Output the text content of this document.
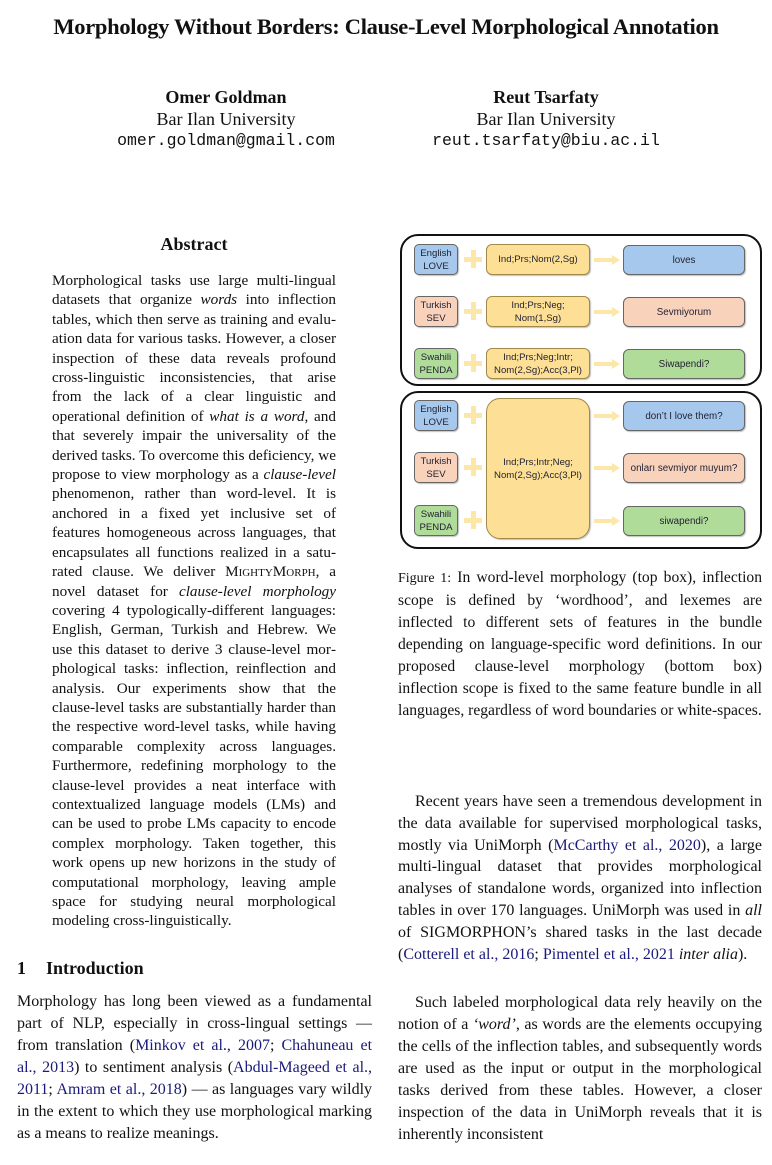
Morphology Without Borders: Clause-Level Morphological Annotation
Omer Goldman
Bar Ilan University
omer.goldman@gmail.com
Reut Tsarfaty
Bar Ilan University
reut.tsarfaty@biu.ac.il
Abstract
Morphological tasks use large multi-lingual datasets that organize words into inflection tables, which then serve as training and evaluation data for various tasks. However, a closer inspection of these data reveals profound cross-linguistic inconsistencies, that arise from the lack of a clear linguistic and operational definition of what is a word, and that severely impair the universality of the derived tasks. To overcome this deficiency, we propose to view morphology as a clause-level phenomenon, rather than word-level. It is anchored in a fixed yet inclusive set of features homogeneous across languages, that encapsulates all functions realized in a saturated clause. We deliver MightyMorph, a novel dataset for clause-level morphology covering 4 typologically-different languages: English, German, Turkish and Hebrew. We use this dataset to derive 3 clause-level morphological tasks: inflection, reinflection and analysis. Our experiments show that the clause-level tasks are substantially harder than the respective word-level tasks, while having comparable complexity across languages. Furthermore, redefining morphology to the clause-level provides a neat interface with contextualized language models (LMs) and can be used to probe LMs capacity to encode complex morphology. Taken together, this work opens up new horizons in the study of computational morphology, leaving ample space for studying neural morphological modeling cross-linguistically.
1 Introduction
Morphology has long been viewed as a fundamental part of NLP, especially in cross-lingual settings — from translation (Minkov et al., 2007; Chahuneau et al., 2013) to sentiment analysis (Abdul-Mageed et al., 2011; Amram et al., 2018) — as languages vary wildly in the extent to which they use morphological marking as a means to realize meanings.
English
LOVE
Ind;Prs;Nom(2,Sg)	loves
Turkish
SEV
Ind;Prs;Neg;
Nom(1,Sg)
Sevmiyorum
Swahili
PENDA
Ind;Prs;Neg;Intr;
Nom(2,Sg);Acc(3,Pl)
Siwapendi?
English
LOVE
Turkish
SEV
Swahili
PENDA
Ind;Prs;Intr;Neg;
Nom(2,Sg);Acc(3,Pl)
don’t I love them?
onları sevmiyor muyum?
siwapendi?
Figure 1: In word-level morphology (top box), inflection scope is defined by ‘wordhood’, and lexemes are inflected to different sets of features in the bundle depending on language-specific word definitions. In our proposed clause-level morphology (bottom box) inflection scope is fixed to the same feature bundle in all languages, regardless of word boundaries or white-spaces.
Recent years have seen a tremendous development in the data available for supervised morphological tasks, mostly via UniMorph (McCarthy et al., 2020), a large multi-lingual dataset that provides morphological analyses of standalone words, organized into inflection tables in over 170 languages. UniMorph was used in all of SIGMORPHON’s shared tasks in the last decade (Cotterell et al., 2016; Pimentel et al., 2021 inter alia).
Such labeled morphological data rely heavily on the notion of a ‘word’, as words are the elements occupying the cells of the inflection tables, and subsequently words are used as the input or output in the morphological tasks derived from these tables. However, a closer inspection of the data in UniMorph reveals that it is inherently inconsistent
